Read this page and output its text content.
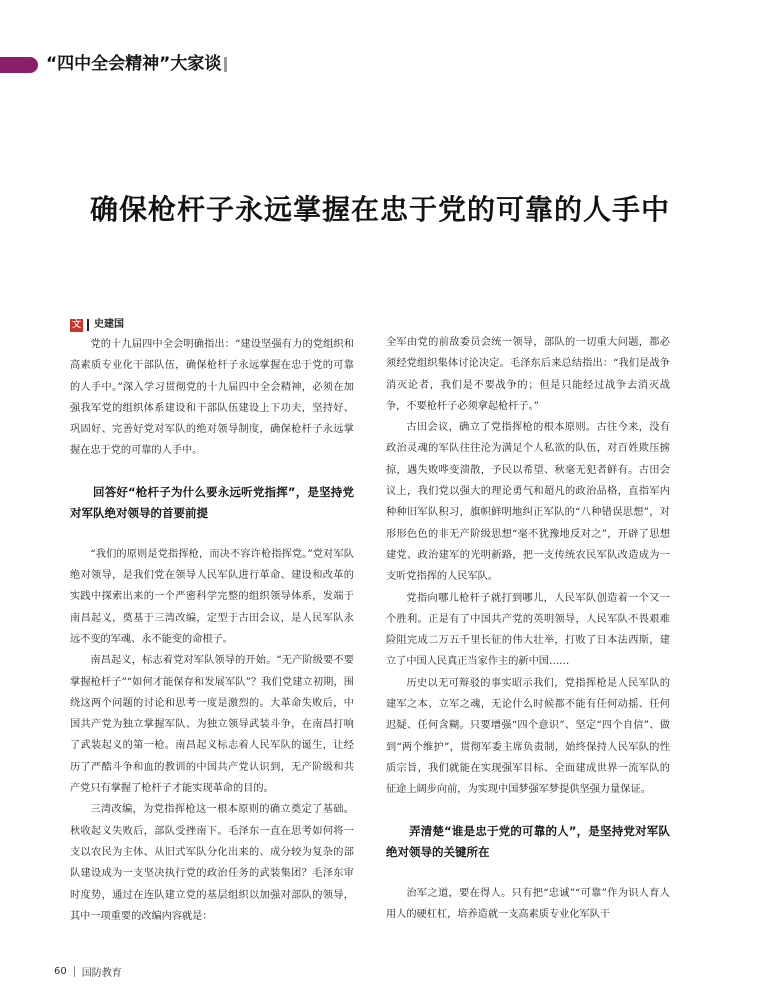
“四中全会精神”大家谈
确保枪杆子永远掌握在忠于党的可靠的人手中
文 史建国

党的十九届四中全会明确指出：“建设坚强有力的党组织和高素质专业化干部队伍，确保枪杆子永远掌握在忠于党的可靠的人手中。”深入学习贯彻党的十九届四中全会精神，必须在加强我军党的组织体系建设和干部队伍建设上下功夫，坚持好、巩固好、完善好党对军队的绝对领导制度，确保枪杆子永远掌握在忠于党的可靠的人手中。

回答好“枪杆子为什么要永远听党指挥”，是坚持党对军队绝对领导的首要前提

“我们的原则是党指挥枪，而决不容许枪指挥党。”党对军队绝对领导，是我们党在领导人民军队进行革命、建设和改革的实践中探索出来的一个严密科学完整的组织领导体系，发端于南昌起义，奠基于三湾改编，定型于古田会议，是人民军队永远不变的军魂、永不能变的命根子。

南昌起义，标志着党对军队领导的开始。“无产阶级要不要掌握枪杆子”“如何才能保存和发展军队”？我们党建立初期，围绕这两个问题的讨论和思考一度是激烈的。大革命失败后，中国共产党为独立掌握军队、为独立领导武装斗争，在南昌打响了武装起义的第一枪。南昌起义标志着人民军队的诞生，让经历了严酷斗争和血的教训的中国共产党认识到，无产阶级和共产党只有掌握了枪杆子才能实现革命的目的。

三湾改编，为党指挥枪这一根本原则的确立奠定了基础。秋收起义失败后，部队受挫南下。毛泽东一直在思考如何将一支以农民为主体、从旧式军队分化出来的、成分较为复杂的部队建设成为一支坚决执行党的政治任务的武装集团？毛泽东审时度势，通过在连队建立党的基层组织以加强对部队的领导，其中一项重要的改编内容就是：

全军由党的前敌委员会统一领导，部队的一切重大问题，都必须经党组织集体讨论决定。毛泽东后来总结指出：“我们是战争消灭论者，我们是不要战争的；但是只能经过战争去消灭战争，不要枪杆子必须拿起枪杆子。”

古田会议，确立了党指挥枪的根本原则。古往今来，没有政治灵魂的军队往往沦为满足个人私欲的队伍，对百姓欺压掳掠，遇失败哗变溃散，予民以希望、秋毫无犯者鲜有。古田会议上，我们党以强大的理论勇气和超凡的政治品格，直指军内种种旧军队积习，旗帜鲜明地纠正军队的“八种错误思想”，对形形色色的非无产阶级思想“毫不犹豫地反对之”，开辟了思想建党、政治建军的光明新路，把一支传统农民军队改造成为一支听党指挥的人民军队。

党指向哪儿枪杆子就打到哪儿，人民军队创造着一个又一个胜利。正是有了中国共产党的英明领导，人民军队不畏艰难险阻完成二万五千里长征的伟大壮举，打败了日本法西斯，建立了中国人民真正当家作主的新中国……

历史以无可辩驳的事实昭示我们，党指挥枪是人民军队的建军之本、立军之魂，无论什么时候都不能有任何动摇、任何迟疑、任何含糊。只要增强“四个意识”、坚定“四个自信”、做到“两个维护”，贯彻军委主席负责制，始终保持人民军队的性质宗旨，我们就能在实现强军目标、全面建成世界一流军队的征途上阔步向前，为实现中国梦强军梦提供坚强力量保证。

弄清楚“谁是忠于党的可靠的人”，是坚持党对军队绝对领导的关键所在

治军之道，要在得人。只有把“忠诚”“可靠”作为识人育人用人的硬杠杠，培养造就一支高素质专业化军队干

60 国防教育
